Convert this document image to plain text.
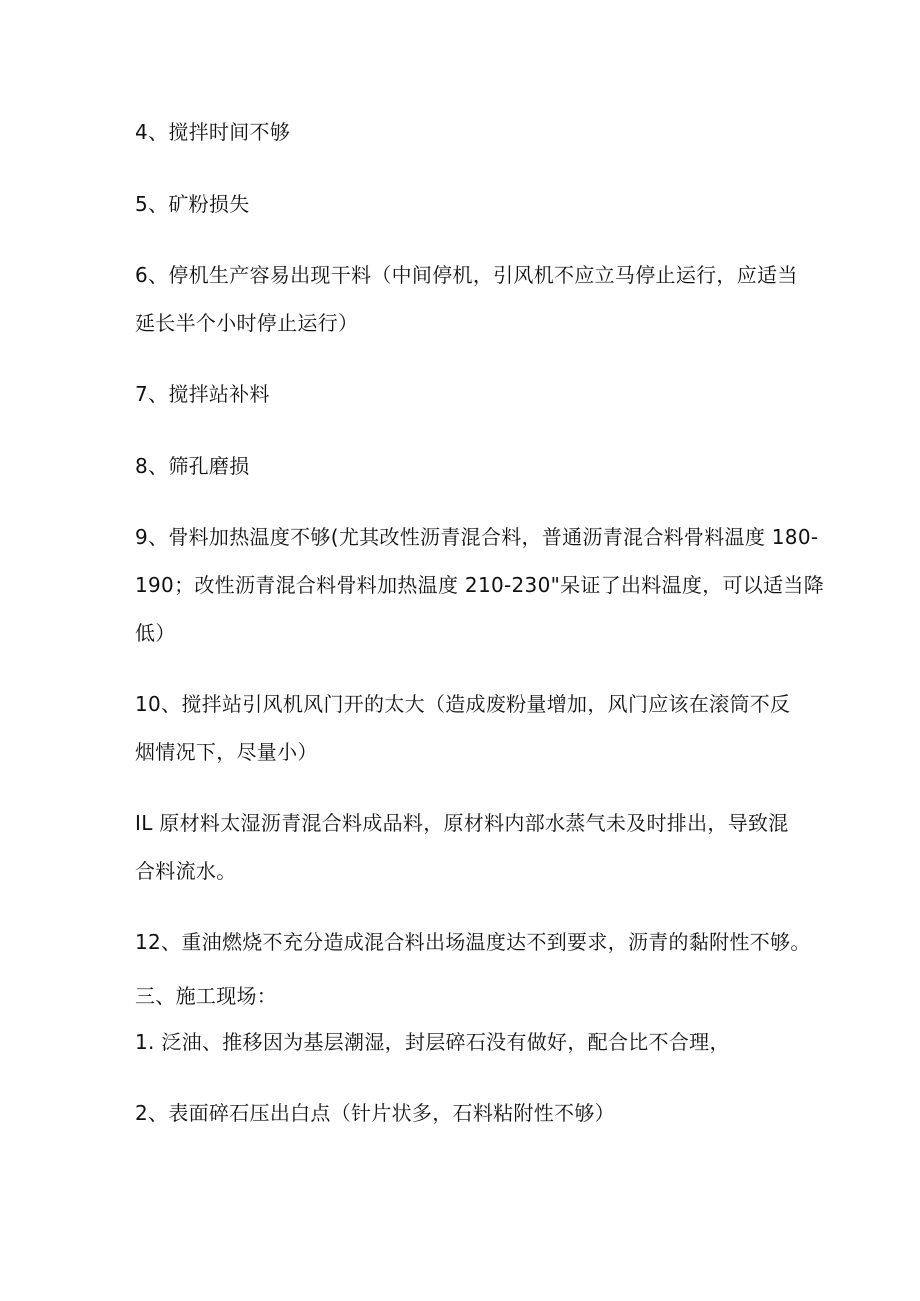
4、搅拌时间不够

5、矿粉损失

6、停机生产容易出现干料（中间停机，引风机不应立马停止运行，应适当

延长半个小时停止运行）

7、搅拌站补料

8、筛孔磨损

9、骨料加热温度不够(尤其改性沥青混合料，普通沥青混合料骨料温度 180-

190；改性沥青混合料骨料加热温度 210-230"呆证了出料温度，可以适当降

低）

10、搅拌站引风机风门开的太大（造成废粉量增加，风门应该在滚筒不反

烟情况下，尽量小）

IL 原材料太湿沥青混合料成品料，原材料内部水蒸气未及时排出，导致混

合料流水。

12、重油燃烧不充分造成混合料出场温度达不到要求，沥青的黏附性不够。

三、施工现场：

1. 泛油、推移因为基层潮湿，封层碎石没有做好，配合比不合理，

2、表面碎石压出白点（针片状多，石料粘附性不够）
